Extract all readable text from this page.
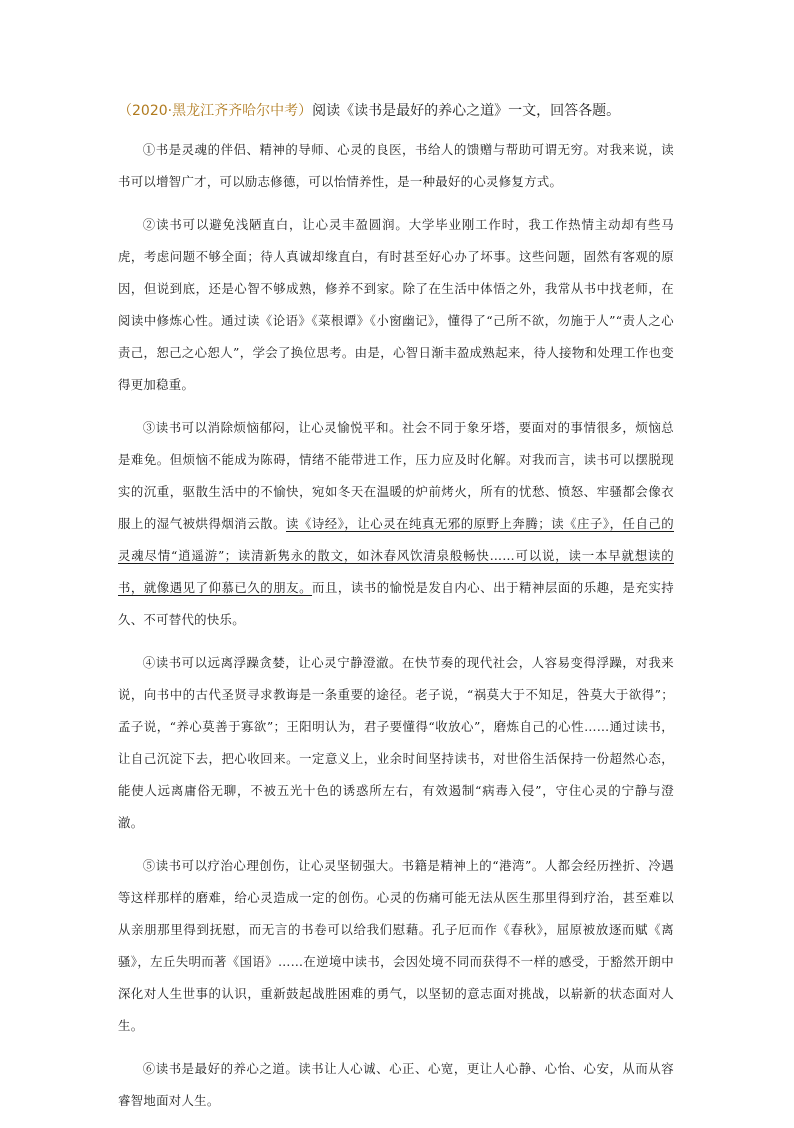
（2020·黑龙江齐齐哈尔中考）阅读《读书是最好的养心之道》一文，回答各题。

①书是灵魂的伴侣、精神的导师、心灵的良医，书给人的馈赠与帮助可谓无穷。对我来说，读书可以增智广才，可以励志修德，可以怡情养性，是一种最好的心灵修复方式。

②读书可以避免浅陋直白，让心灵丰盈圆润。大学毕业刚工作时，我工作热情主动却有些马虎，考虑问题不够全面；待人真诚却缘直白，有时甚至好心办了坏事。这些问题，固然有客观的原因，但说到底，还是心智不够成熟，修养不到家。除了在生活中体悟之外，我常从书中找老师，在阅读中修炼心性。通过读《论语》《菜根谭》《小窗幽记》，懂得了“己所不欲，勿施于人”“责人之心责己，恕己之心恕人”，学会了换位思考。由是，心智日渐丰盈成熟起来，待人接物和处理工作也变得更加稳重。

③读书可以消除烦恼郁闷，让心灵愉悦平和。社会不同于象牙塔，要面对的事情很多，烦恼总是难免。但烦恼不能成为陈碍，情绪不能带进工作，压力应及时化解。对我而言，读书可以摆脱现实的沉重，驱散生活中的不愉快，宛如冬天在温暖的炉前烤火，所有的忧愁、愤怒、牢骚都会像衣服上的湿气被烘得烟消云散。读《诗经》，让心灵在纯真无邪的原野上奔腾；读《庄子》，任自己的灵魂尽情“逍遥游”；读清新隽永的散文，如沐春风饮清泉般畅快……可以说，读一本早就想读的书，就像遇见了仰慕已久的朋友。而且，读书的愉悦是发自内心、出于精神层面的乐趣，是充实持久、不可替代的快乐。

④读书可以远离浮躁贪婪，让心灵宁静澄澈。在快节奏的现代社会，人容易变得浮躁，对我来说，向书中的古代圣贤寻求教诲是一条重要的途径。老子说，“祸莫大于不知足，咎莫大于欲得”；孟子说，“养心莫善于寡欲”；王阳明认为，君子要懂得“收放心”，磨炼自己的心性……通过读书，让自己沉淀下去，把心收回来。一定意义上，业余时间坚持读书，对世俗生活保持一份超然心态，能使人远离庸俗无聊，不被五光十色的诱惑所左右，有效遏制“病毒入侵”，守住心灵的宁静与澄澈。

⑤读书可以疗治心理创伤，让心灵坚韧强大。书籍是精神上的“港湾”。人都会经历挫折、冷遇等这样那样的磨难，给心灵造成一定的创伤。心灵的伤痛可能无法从医生那里得到疗治，甚至难以从亲朋那里得到抚慰，而无言的书卷可以给我们慰藉。孔子厄而作《春秋》，屈原被放逐而赋《离骚》，左丘失明而著《国语》……在逆境中读书，会因处境不同而获得不一样的感受，于豁然开朗中深化对人生世事的认识，重新鼓起战胜困难的勇气，以坚韧的意志面对挑战，以崭新的状态面对人生。

⑥读书是最好的养心之道。读书让人心诚、心正、心宽，更让人心静、心怡、心安，从而从容睿智地面对人生。
